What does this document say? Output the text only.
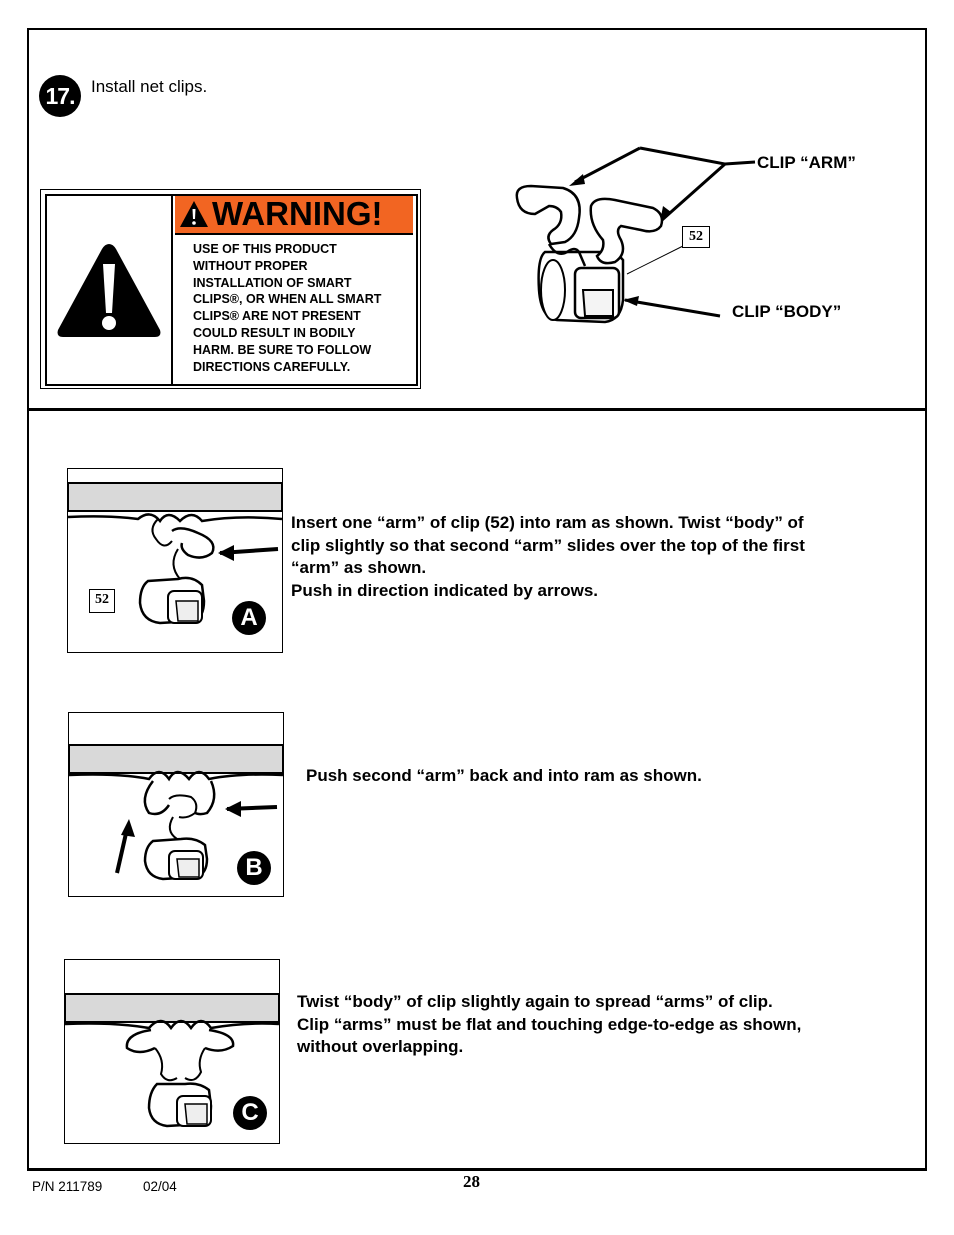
17. Install net clips.
WARNING!
USE OF THIS PRODUCT
WITHOUT PROPER
INSTALLATION OF SMART
CLIPS®, OR WHEN ALL SMART
CLIPS® ARE NOT PRESENT
COULD RESULT IN BODILY
HARM. BE SURE TO FOLLOW
DIRECTIONS CAREFULLY.
CLIP “ARM”
CLIP “BODY”
52
A
52
Insert one “arm” of clip (52) into ram as shown. Twist “body” of
clip slightly so that second “arm” slides over the top of the first
“arm” as shown.
Push in direction indicated by arrows.
B
Push second “arm” back and into ram as shown.
C
Twist “body” of clip slightly again to spread “arms” of clip.
Clip “arms” must be flat and touching edge-to-edge as shown,
without overlapping.
P/N 211789	02/04	28
